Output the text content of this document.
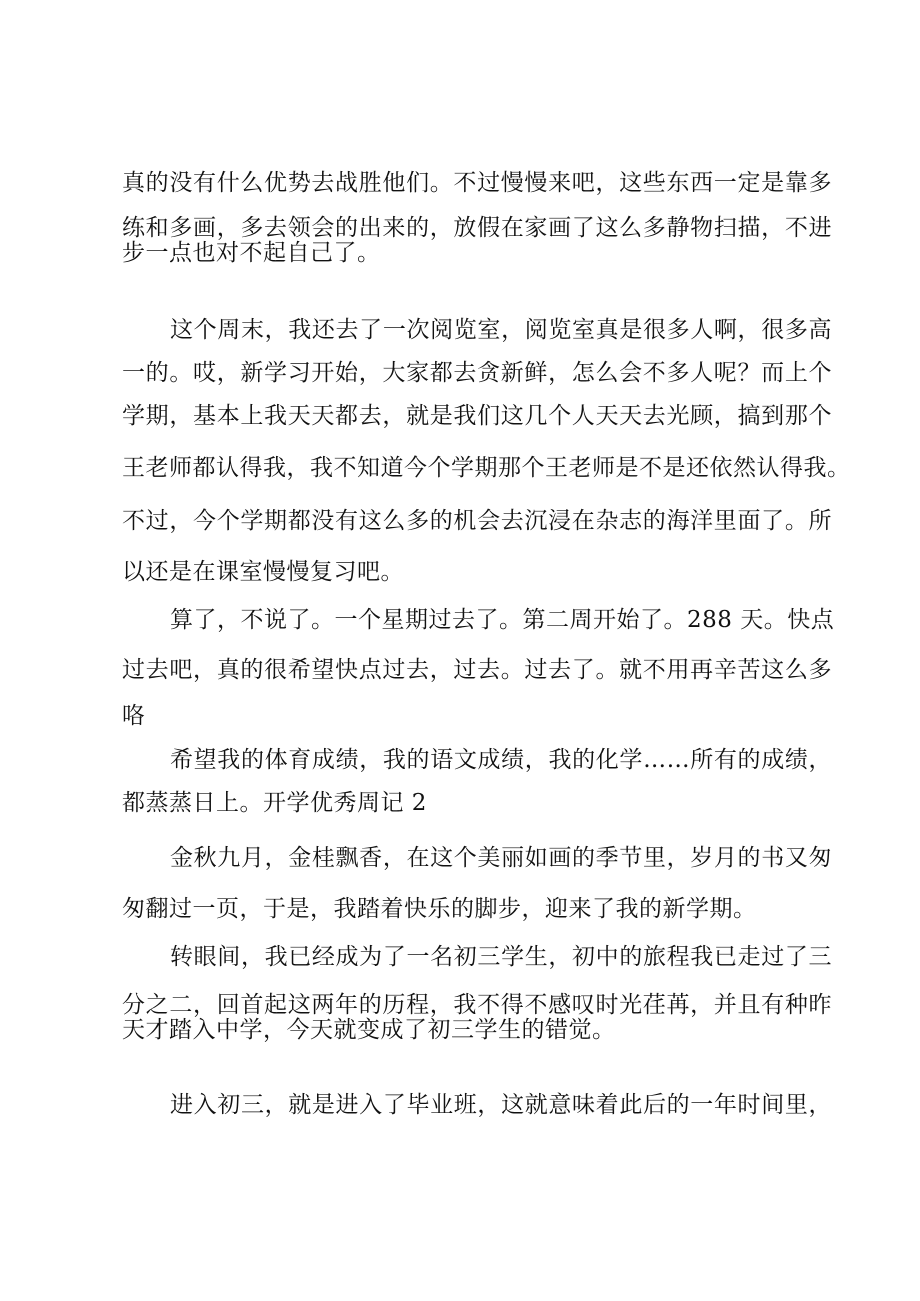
真的没有什么优势去战胜他们。不过慢慢来吧，这些东西一定是靠多
练和多画，多去领会的出来的，放假在家画了这么多静物扫描，不进
步一点也对不起自己了。
这个周末，我还去了一次阅览室，阅览室真是很多人啊，很多高
一的。哎，新学习开始，大家都去贪新鲜，怎么会不多人呢？而上个
学期，基本上我天天都去，就是我们这几个人天天去光顾，搞到那个
王老师都认得我，我不知道今个学期那个王老师是不是还依然认得我。
不过，今个学期都没有这么多的机会去沉浸在杂志的海洋里面了。所
以还是在课室慢慢复习吧。
算了，不说了。一个星期过去了。第二周开始了。288 天。快点
过去吧，真的很希望快点过去，过去。过去了。就不用再辛苦这么多
咯
希望我的体育成绩，我的语文成绩，我的化学……所有的成绩，
都蒸蒸日上。开学优秀周记 2
金秋九月，金桂飘香，在这个美丽如画的季节里，岁月的书又匆
匆翻过一页，于是，我踏着快乐的脚步，迎来了我的新学期。
转眼间，我已经成为了一名初三学生，初中的旅程我已走过了三
分之二，回首起这两年的历程，我不得不感叹时光荏苒，并且有种昨
天才踏入中学，今天就变成了初三学生的错觉。
进入初三，就是进入了毕业班，这就意味着此后的一年时间里，
